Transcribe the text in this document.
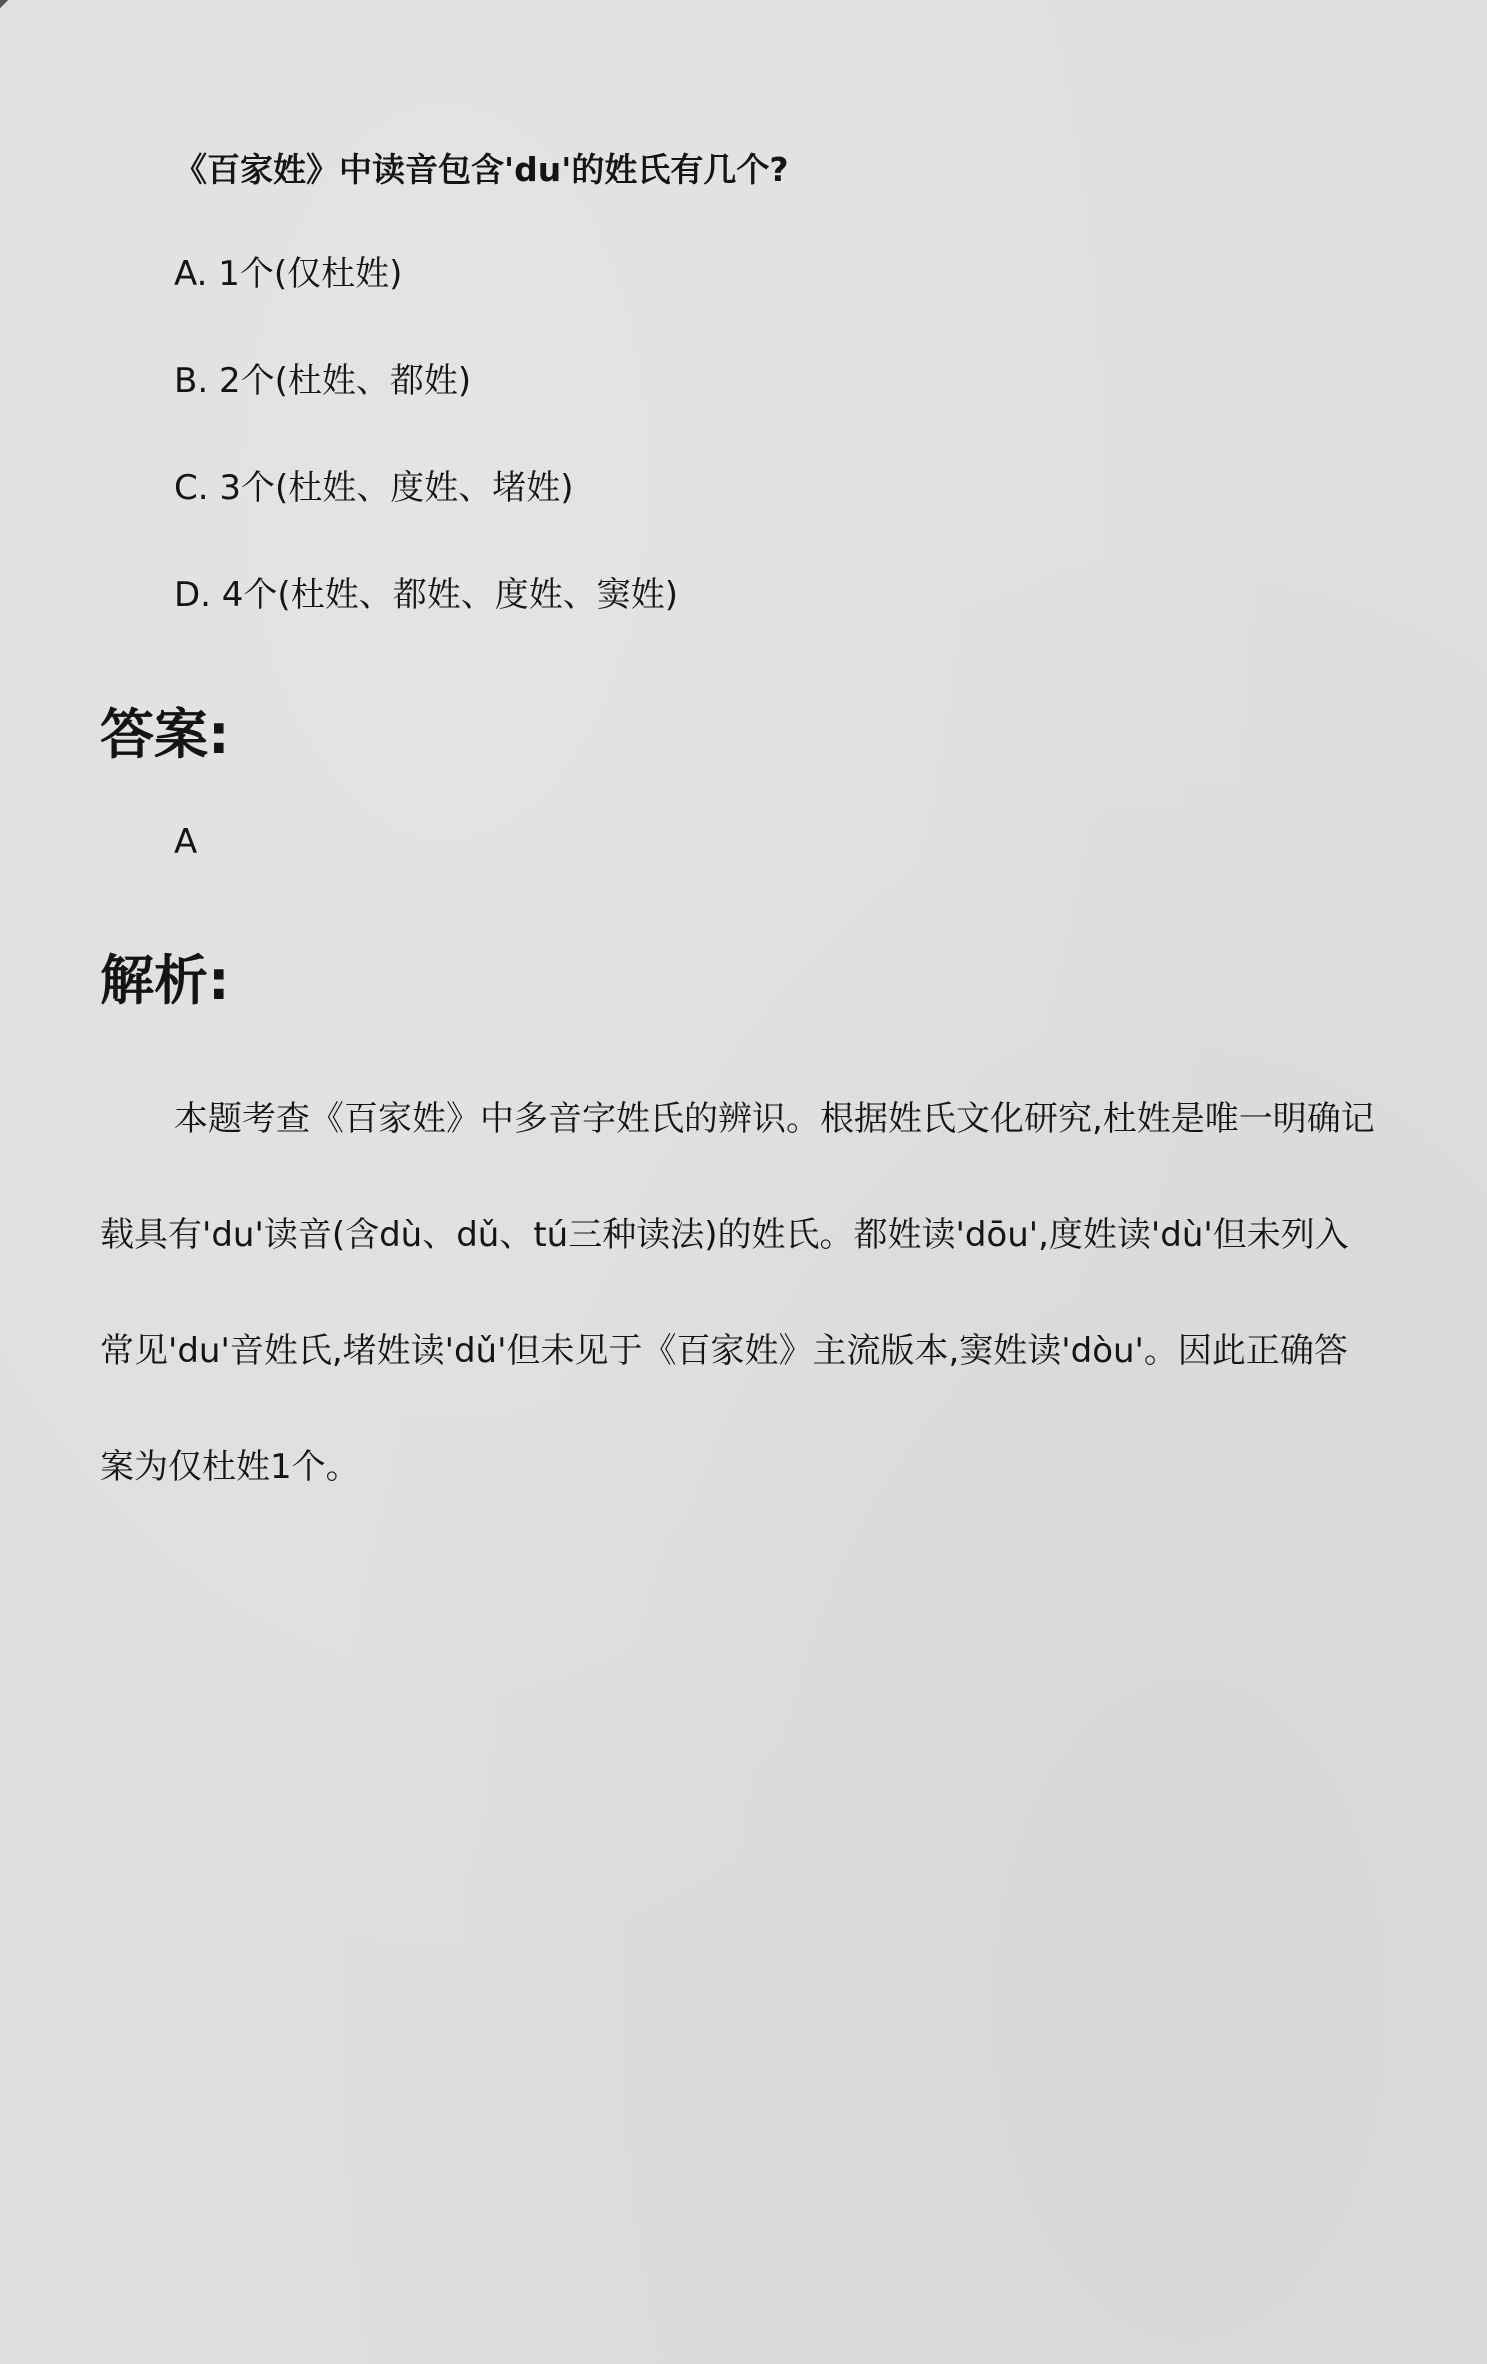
《百家姓》中读音包含'du'的姓氏有几个?

A. 1个(仅杜姓)
B. 2个(杜姓、都姓)
C. 3个(杜姓、度姓、堵姓)
D. 4个(杜姓、都姓、度姓、窦姓)
答案:

A

解析:

本题考查《百家姓》中多音字姓氏的辨识。根据姓氏文化研究,杜姓是唯一明确记载具有'du'读音(含dù、dǔ、tú三种读法)的姓氏。都姓读'dōu',度姓读'dù'但未列入常见'du'音姓氏,堵姓读'dǔ'但未见于《百家姓》主流版本,窦姓读'dòu'。因此正确答案为仅杜姓1个。
